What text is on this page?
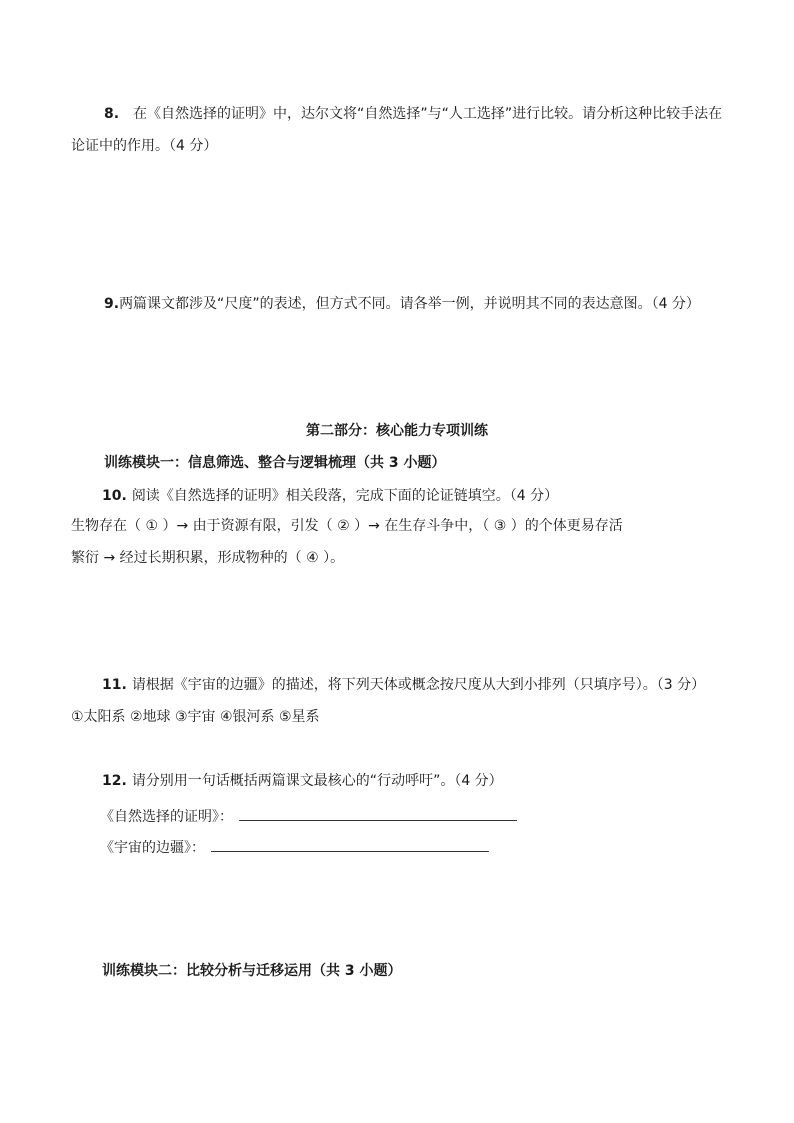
8. 在《自然选择的证明》中，达尔文将“自然选择”与“人工选择”进行比较。请分析这种比较手法在
论证中的作用。（4 分）
9.两篇课文都涉及“尺度”的表述，但方式不同。请各举一例，并说明其不同的表达意图。（4 分）
第二部分：核心能力专项训练
训练模块一：信息筛选、整合与逻辑梳理（共 3 小题）
10. 阅读《自然选择的证明》相关段落，完成下面的论证链填空。（4 分）
生物存在（ ① ）→ 由于资源有限，引发（ ② ）→ 在生存斗争中，（ ③ ）的个体更易存活
繁衍 → 经过长期积累，形成物种的（ ④ ）。
11. 请根据《宇宙的边疆》的描述，将下列天体或概念按尺度从大到小排列（只填序号）。（3 分）
①太阳系 ②地球 ③宇宙 ④银河系 ⑤星系
12. 请分别用一句话概括两篇课文最核心的“行动呼吁”。（4 分）
《自然选择的证明》：
《宇宙的边疆》：
训练模块二：比较分析与迁移运用（共 3 小题）
